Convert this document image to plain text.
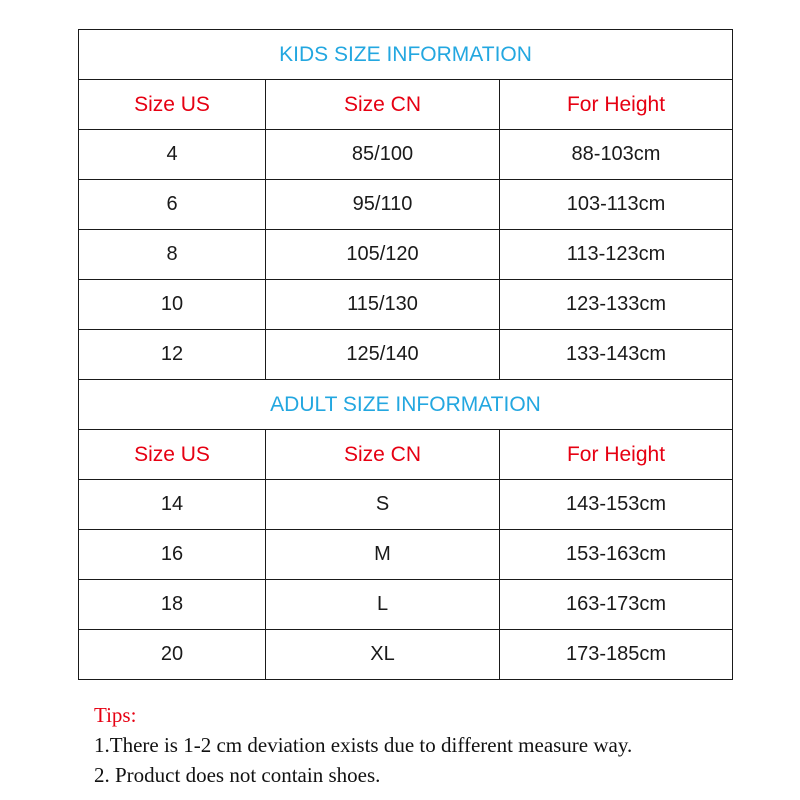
KIDS SIZE INFORMATION		
Size US	Size CN	For Height
4	85/100	88-103cm
6	95/110	103-113cm
8	105/120	113-123cm
10	115/130	123-133cm
12	125/140	133-143cm
ADULT SIZE INFORMATION		
Size US	Size CN	For Height
14	S	143-153cm
16	M	153-163cm
18	L	163-173cm
20	XL	173-185cm
Tips:
1.There is 1-2 cm deviation exists due to different measure way.
2. Product does not contain shoes.
